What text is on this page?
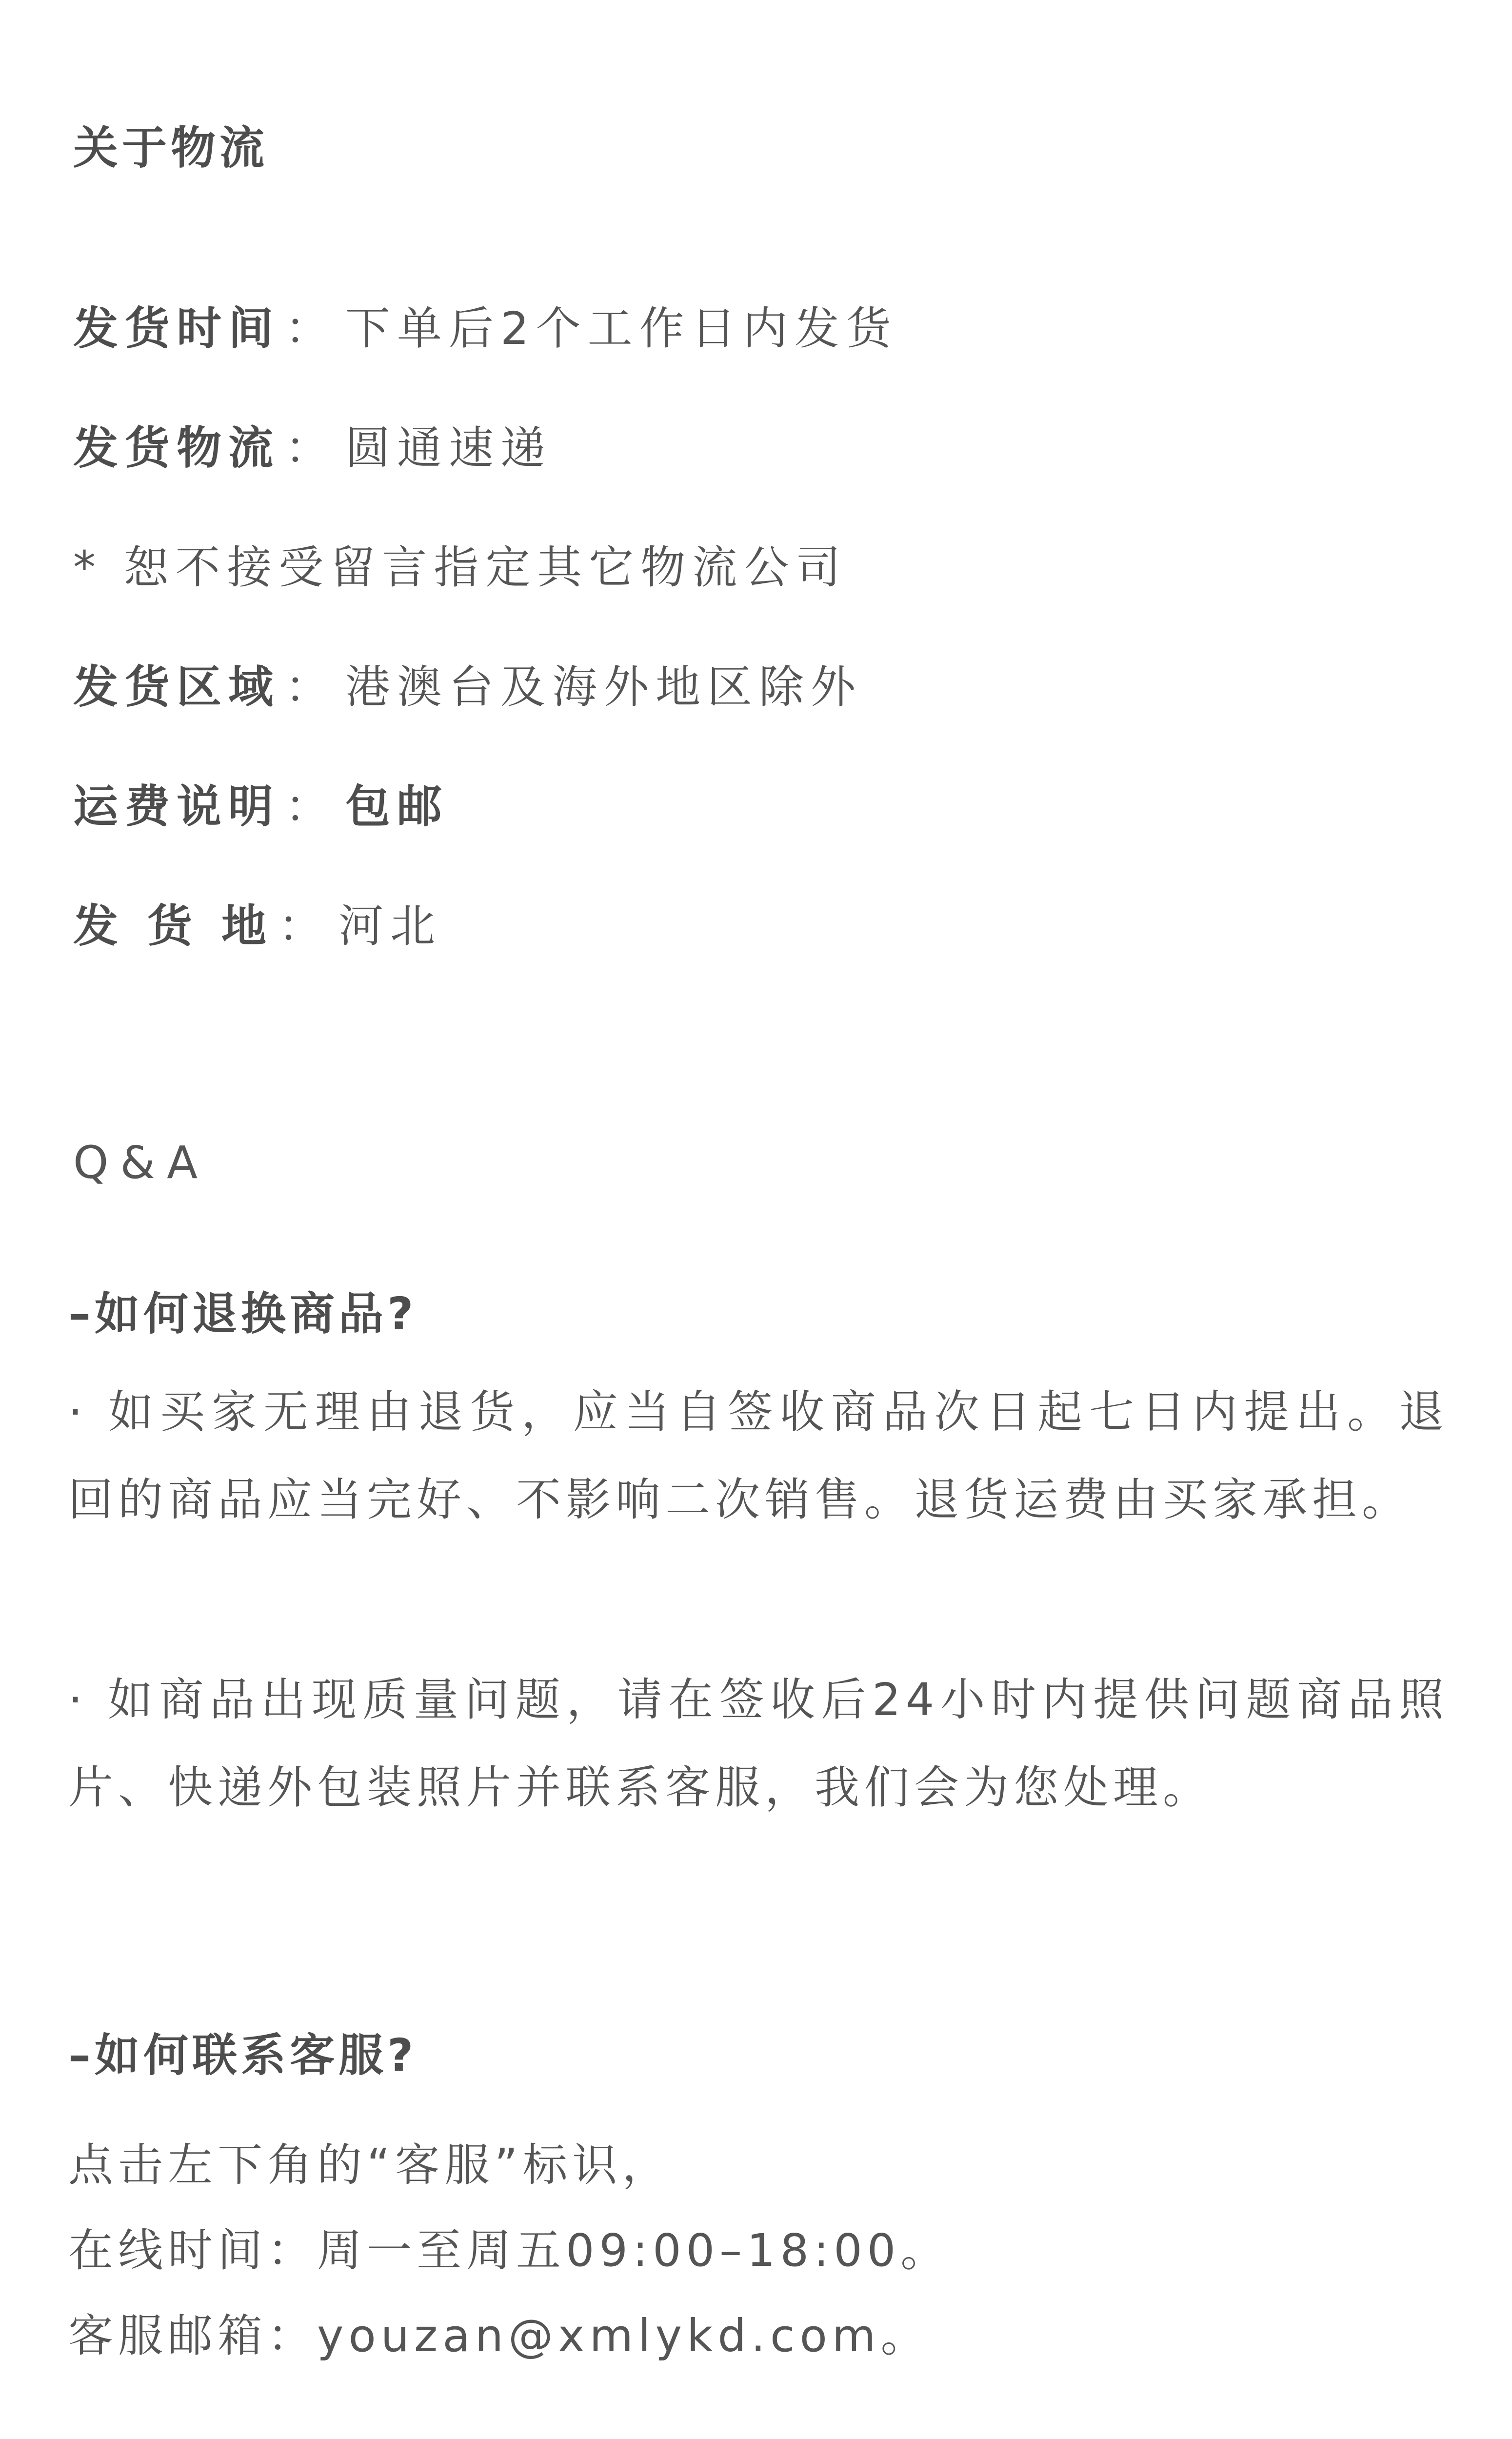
关于物流
发货时间 ： 下单后2个工作日内发货
发货物流 ： 圆通速递
* 恕不接受留言指定其它物流公司
发货区域 ： 港澳台及海外地区除外
运费说明 ： 包邮
发 货 地 ： 河北
Q&A
–如何退换商品?
· 如买家无理由退货，应当自签收商品次日起七日内提出。退回的商品应当完好、不影响二次销售。退货运费由买家承担。
· 如商品出现质量问题，请在签收后24小时内提供问题商品照片、快递外包装照片并联系客服，我们会为您处理。
–如何联系客服?
点击左下角的“客服”标识，
在线时间：周一至周五09:00–18:00。
客服邮箱：youzan@xmlykd.com。
